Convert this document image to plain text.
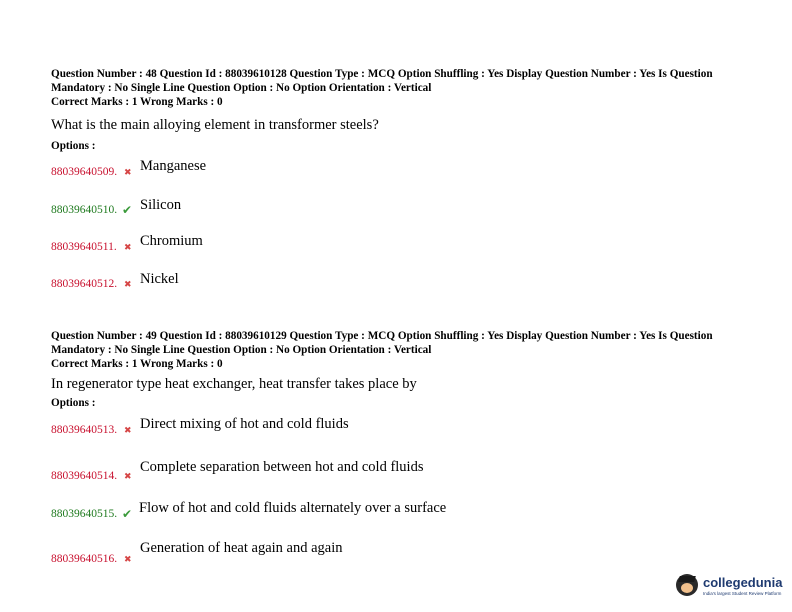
Question Number : 48 Question Id : 88039610128 Question Type : MCQ Option Shuffling : Yes Display Question Number : Yes Is Question Mandatory : No Single Line Question Option : No Option Orientation : Vertical
Correct Marks : 1 Wrong Marks : 0
What is the main alloying element in transformer steels?
Options :
88039640509. ✖ Manganese
88039640510. ✔ Silicon
88039640511. ✖ Chromium
88039640512. ✖ Nickel
Question Number : 49 Question Id : 88039610129 Question Type : MCQ Option Shuffling : Yes Display Question Number : Yes Is Question Mandatory : No Single Line Question Option : No Option Orientation : Vertical
Correct Marks : 1 Wrong Marks : 0
In regenerator type heat exchanger, heat transfer takes place by
Options :
88039640513. ✖ Direct mixing of hot and cold fluids
88039640514. ✖
Complete separation between hot and cold fluids
88039640515. ✔ Flow of hot and cold fluids alternately over a surface
88039640516. ✖
Generation of heat again and again
collegedunia
India's largest Student Review Platform
